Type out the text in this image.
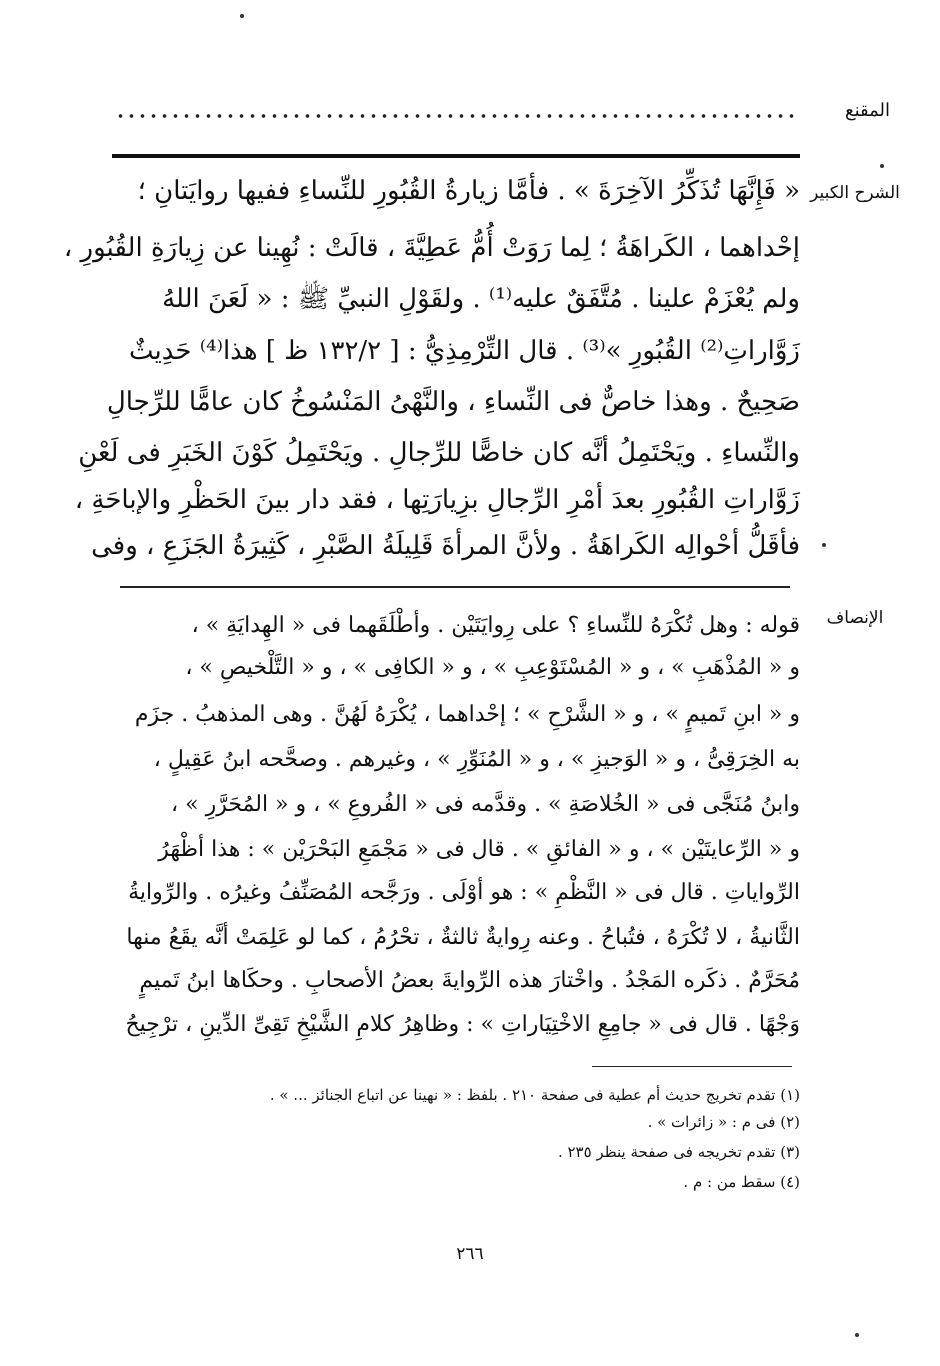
المقنع
الشرح الكبير
الإنصاف
« فَإِنَّهَا تُذَكِّرُ الآخِرَةَ » . فأمَّا زيارةُ القُبُورِ للنِّساءِ ففيها روايَتانِ ؛
إحْداهما ، الكَراهَةُ ؛ لِما رَوَتْ أُمُّ عَطِيَّةَ ، قالَتْ : نُهِينا عن زِيارَةِ القُبُورِ ،
ولم يُعْزَمْ علينا . مُتَّفَقٌ عليه⁽¹⁾ . ولقَوْلِ النبيِّ ﷺ : « لَعَنَ اللهُ
زَوَّاراتِ⁽²⁾ القُبُورِ »⁽³⁾ . قال التِّرْمِذِيُّ : [ ١٣٢/٢ ظ ] هذا⁽⁴⁾ حَدِيثٌ
صَحِيحٌ . وهذا خاصٌّ فى النِّساءِ ، والنَّهْىُ المَنْسُوخُ كان عامًّا للرِّجالِ
والنِّساءِ . ويَحْتَمِلُ أنَّه كان خاصًّا للرِّجالِ . ويَحْتَمِلُ كَوْنَ الخَبَرِ فى لَعْنِ
زَوَّاراتِ القُبُورِ بعدَ أمْرِ الرِّجالِ بزِيارَتِها ، فقد دار بينَ الحَظْرِ والإباحَةِ ،
فأقَلُّ أحْوالِه الكَراهَةُ . ولأنَّ المرأةَ قَلِيلَةُ الصَّبْرِ ، كَثِيرَةُ الجَزَعِ ، وفى
قوله : وهل تُكْرَهُ للنِّساءِ ؟ على رِوايَتَيْن . وأطْلَقَهما فى « الهِدايَةِ » ،
و « المُذْهَبِ » ، و « المُسْتَوْعِبِ » ، و « الكافِى » ، و « التَّلْخيصِ » ،
و « ابنِ تَميمٍ » ، و « الشَّرْحِ » ؛ إحْداهما ، يُكْرَهُ لَهُنَّ . وهى المذهبُ . جزَم
به الخِرَقِىُّ ، و « الوَجيزِ » ، و « المُنَوِّرِ » ، وغيرهم . وصحَّحه ابنُ عَقِيلٍ ،
وابنُ مُنَجَّى فى « الخُلاصَةِ » . وقدَّمه فى « الفُروعِ » ، و « المُحَرَّرِ » ،
و « الرِّعايتَيْن » ، و « الفائقِ » . قال فى « مَجْمَعِ البَحْرَيْن » : هذا أظْهَرُ
الرِّواياتِ . قال فى « النَّظْمِ » : هو أوْلَى . ورَجَّحه المُصَنِّفُ وغيرُه . والرِّوايةُ
الثَّانيةُ ، لا تُكْرَهُ ، فتُباحُ . وعنه رِوايةٌ ثالثةٌ ، تحْرُمُ ، كما لو عَلِمَتْ أنَّه يقَعُ منها
مُحَرَّمٌ . ذكَره المَجْدُ . واخْتارَ هذه الرِّوايةَ بعضُ الأصحابِ . وحكَاها ابنُ تَميمٍ
وَجْهًا . قال فى « جامِعِ الاخْتِيَاراتِ » : وظاهِرُ كلامِ الشَّيْخِ تَقِىِّ الدِّينِ ، ترْجِيحُ
(١) تقدم تخريج حديث أم عطية فى صفحة ٢١٠ . بلفظ : « نهينا عن اتباع الجنائز ... » .
(٢) فى م : « زائرات » .
(٣) تقدم تخريجه فى صفحة ينظر ٢٣٥ .
(٤) سقط من : م .
٢٦٦
